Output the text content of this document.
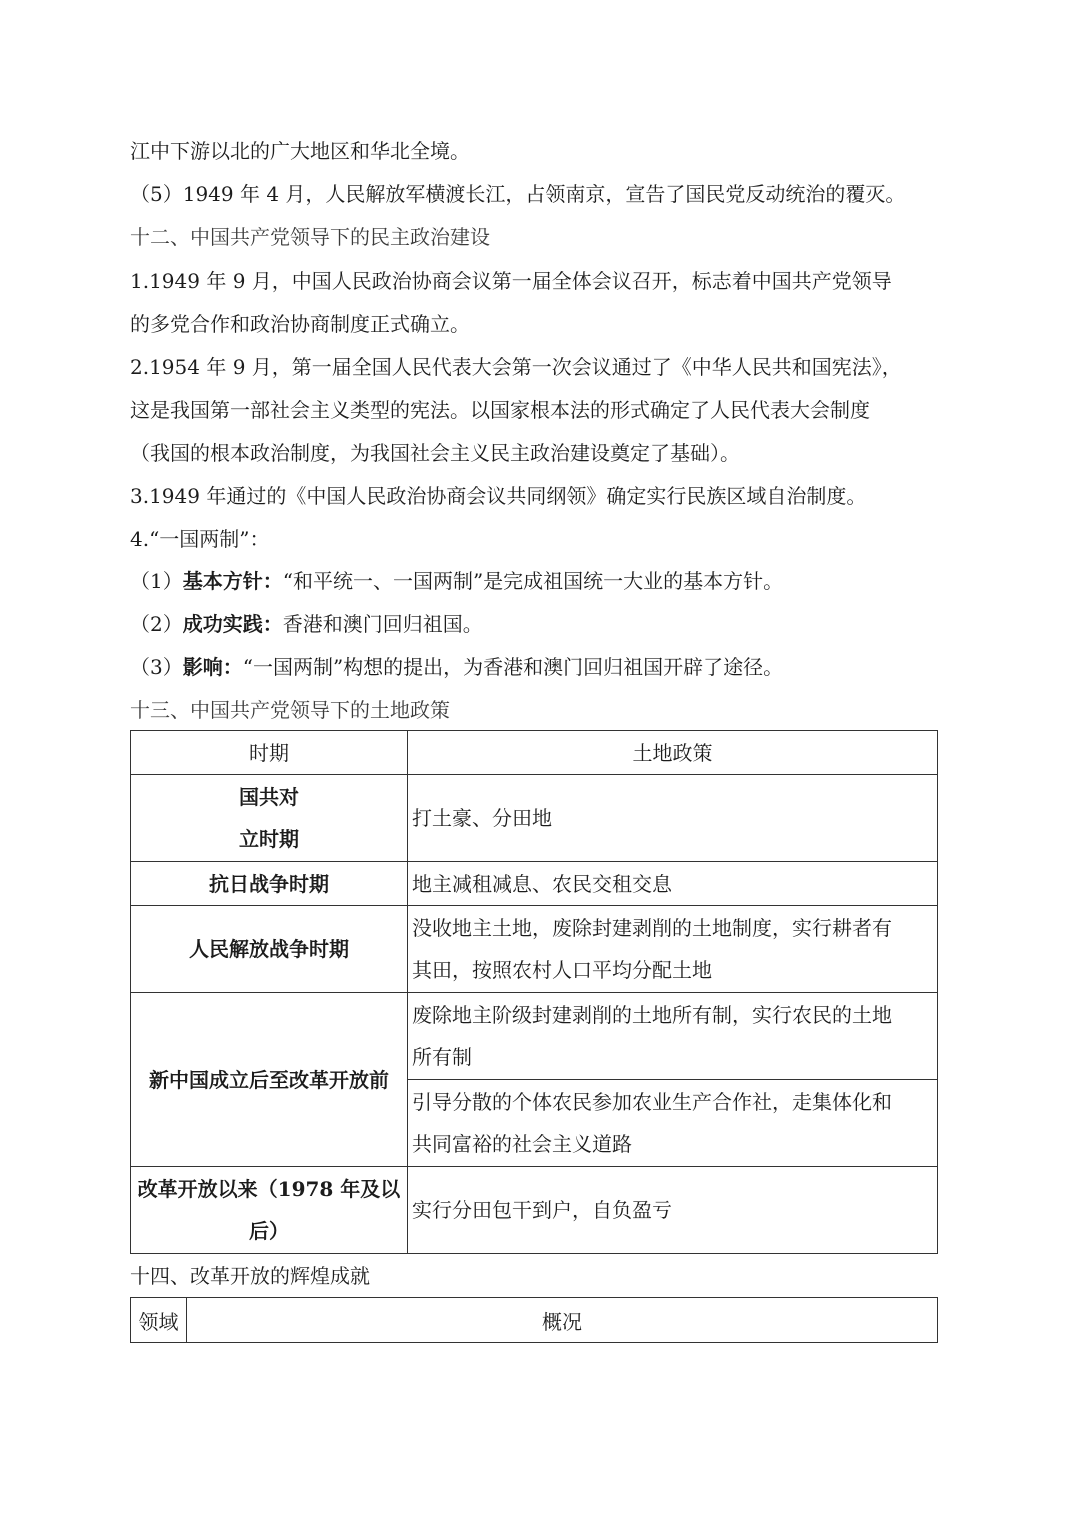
江中下游以北的广大地区和华北全境。
（5）1949 年 4 月，人民解放军横渡长江，占领南京，宣告了国民党反动统治的覆灭。
十二、中国共产党领导下的民主政治建设
1.1949 年 9 月，中国人民政治协商会议第一届全体会议召开，标志着中国共产党领导
的多党合作和政治协商制度正式确立。
2.1954 年 9 月，第一届全国人民代表大会第一次会议通过了《中华人民共和国宪法》，
这是我国第一部社会主义类型的宪法。以国家根本法的形式确定了人民代表大会制度
（我国的根本政治制度，为我国社会主义民主政治建设奠定了基础）。
3.1949 年通过的《中国人民政治协商会议共同纲领》确定实行民族区域自治制度。
4.“一国两制”：
（1）基本方针：“和平统一、一国两制”是完成祖国统一大业的基本方针。
（2）成功实践：香港和澳门回归祖国。
（3）影响：“一国两制”构想的提出，为香港和澳门回归祖国开辟了途径。
十三、中国共产党领导下的土地政策
时期	土地政策

国共对
立时期	打土豪、分田地
抗日战争时期	地主减租减息、农民交租交息
人民解放战争时期	没收地主土地，废除封建剥削的土地制度，实行耕者有
其田，按照农村人口平均分配土地

新中国成立后至改革开放前	废除地主阶级封建剥削的土地所有制，实行农民的土地
所有制

	引导分散的个体农民参加农业生产合作社，走集体化和
共同富裕的社会主义道路

改革开放以来（1978 年及以
后）	实行分田包干到户，自负盈亏
十四、改革开放的辉煌成就
领域	概况
